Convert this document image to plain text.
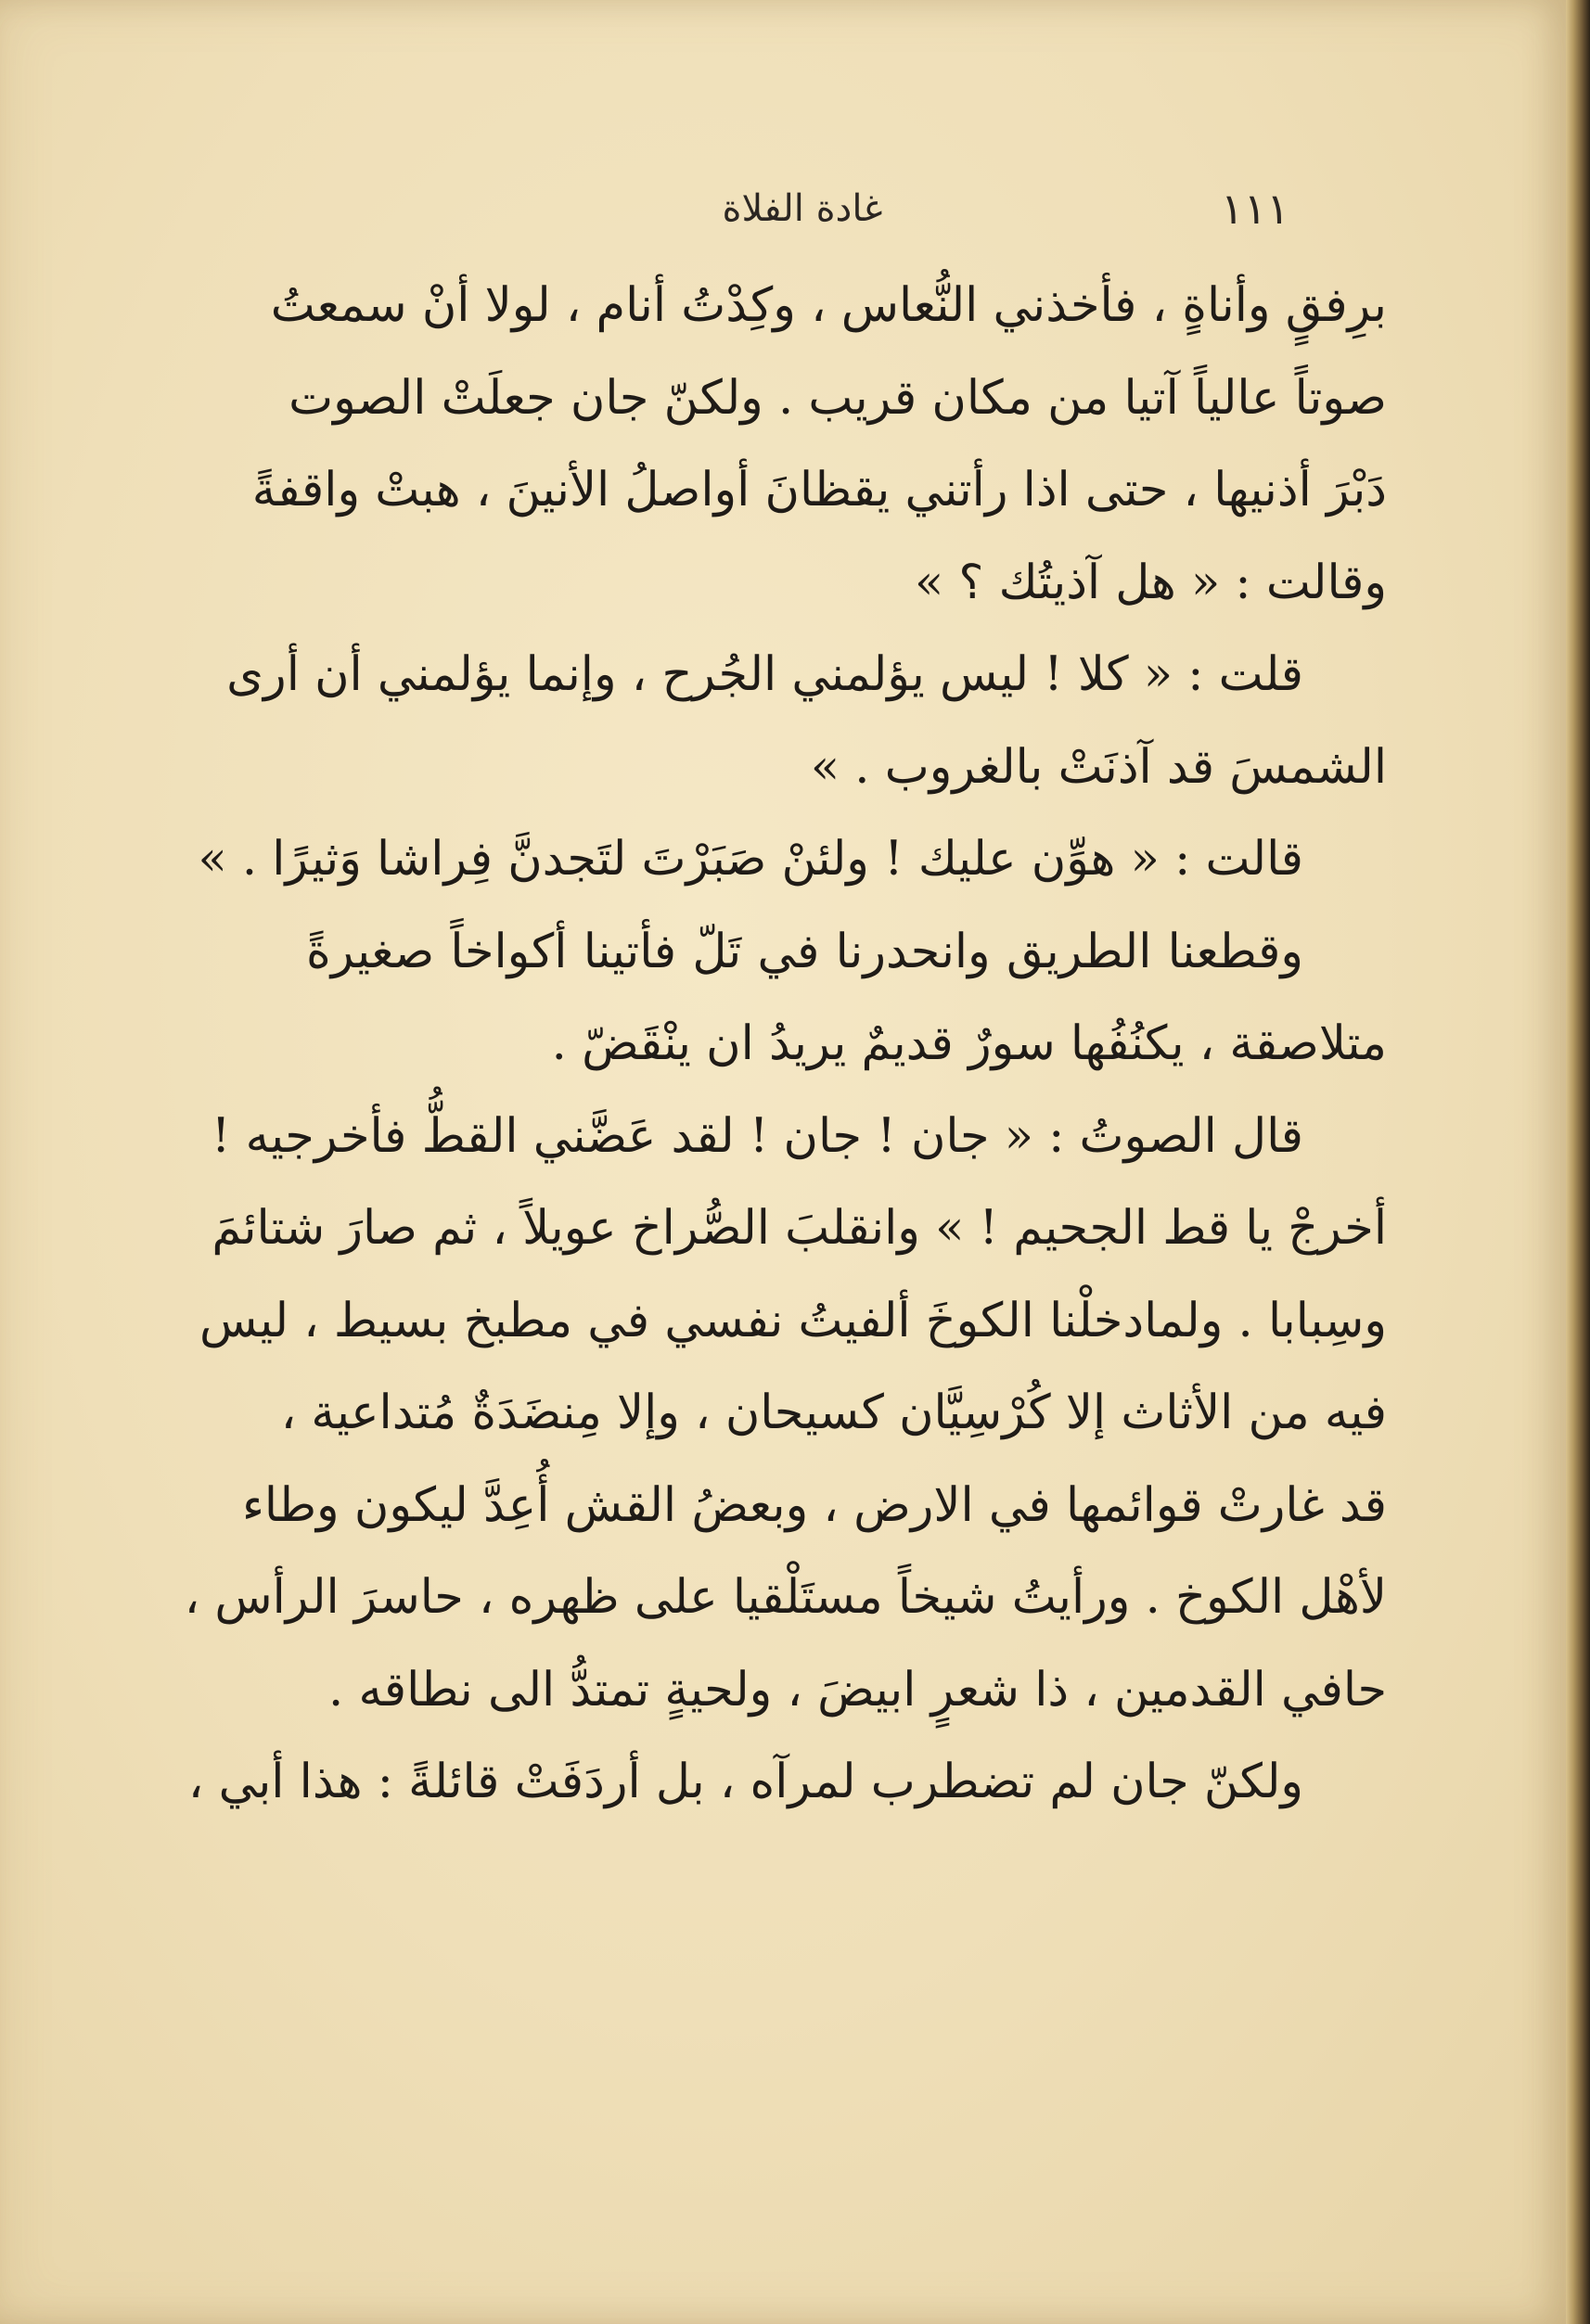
غادة الفلاة	١١١
برِفقٍ وأناةٍ ، فأخذني النُّعاس ، وكِدْتُ أنام ، لولا أنْ سمعتُ
صوتاً عالياً آتيا من مكان قريب . ولكنّ جان جعلَتْ الصوت
دَبْرَ أذنيها ، حتى اذا رأتني يقظانَ أواصلُ الأنينَ ، هبتْ واقفةً
وقالت : « هل آذيتُك ؟ »
قلت : « كلا ! ليس يؤلمني الجُرح ، وإنما يؤلمني أن أرى
الشمسَ قد آذنَتْ بالغروب . »
قالت : « هوِّن عليك ! ولئنْ صَبَرْتَ لتَجدنَّ فِراشا وَثيرًا . »
وقطعنا الطريق وانحدرنا في تَلّ فأتينا أكواخاً صغيرةً
متلاصقة ، يكنُفُها سورٌ قديمٌ يريدُ ان ينْقَضّ .
قال الصوتُ : « جان ! جان ! لقد عَضَّني القطُّ فأخرجيه !
أخرجْ يا قط الجحيم ! » وانقلبَ الصُّراخ عويلاً ، ثم صارَ شتائمَ
وسِبابا . ولمادخلْنا الكوخَ ألفيتُ نفسي في مطبخ بسيط ، ليس
فيه من الأثاث إلا كُرْسِيَّان كسيحان ، وإلا مِنضَدَةٌ مُتداعية ،
قد غارتْ قوائمها في الارض ، وبعضُ القش أُعِدَّ ليكون وطاء
لأهْل الكوخ . ورأيتُ شيخاً مستَلْقيا على ظهره ، حاسرَ الرأس ،
حافي القدمين ، ذا شعرٍ ابيضَ ، ولحيةٍ تمتدُّ الى نطاقه .
ولكنّ جان لم تضطرب لمرآه ، بل أردَفَتْ قائلةً : هذا أبي ،
